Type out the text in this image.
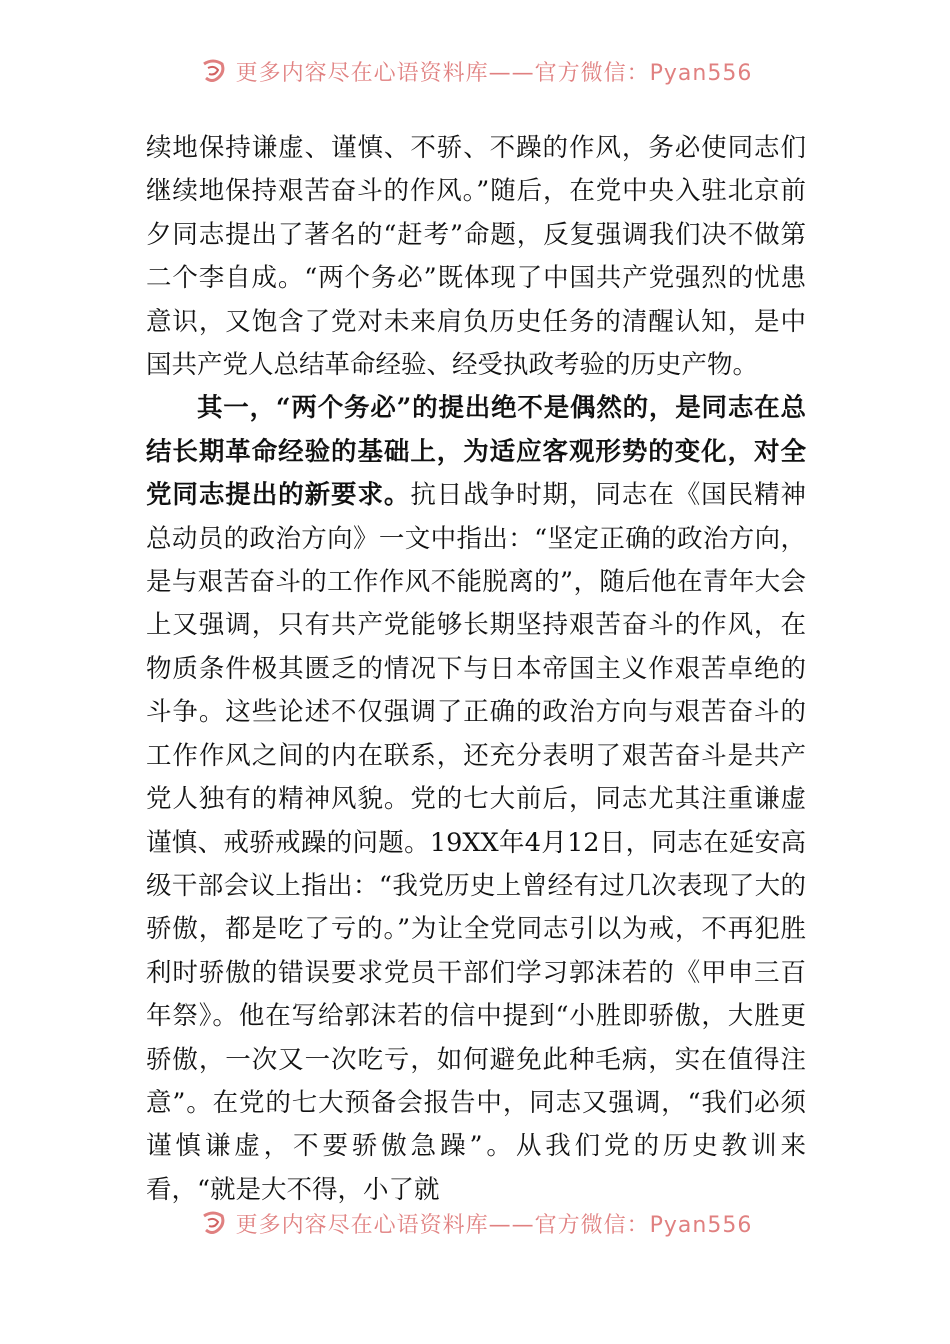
更多内容尽在心语资料库——官方微信：Pyan556

续地保持谦虚、谨慎、不骄、不躁的作风，务必使同志们继续地保持艰苦奋斗的作风。”随后，在党中央入驻北京前夕同志提出了著名的“赶考”命题，反复强调我们决不做第二个李自成。“两个务必”既体现了中国共产党强烈的忧患意识，又饱含了党对未来肩负历史任务的清醒认知，是中国共产党人总结革命经验、经受执政考验的历史产物。

其一，“两个务必”的提出绝不是偶然的，是同志在总结长期革命经验的基础上，为适应客观形势的变化，对全党同志提出的新要求。抗日战争时期，同志在《国民精神总动员的政治方向》一文中指出：“坚定正确的政治方向，是与艰苦奋斗的工作作风不能脱离的”，随后他在青年大会上又强调，只有共产党能够长期坚持艰苦奋斗的作风，在物质条件极其匮乏的情况下与日本帝国主义作艰苦卓绝的斗争。这些论述不仅强调了正确的政治方向与艰苦奋斗的工作作风之间的内在联系，还充分表明了艰苦奋斗是共产党人独有的精神风貌。党的七大前后，同志尤其注重谦虚谨慎、戒骄戒躁的问题。19XX年4月12日，同志在延安高级干部会议上指出：“我党历史上曾经有过几次表现了大的骄傲，都是吃了亏的。”为让全党同志引以为戒，不再犯胜利时骄傲的错误要求党员干部们学习郭沫若的《甲申三百年祭》。他在写给郭沫若的信中提到“小胜即骄傲，大胜更骄傲，一次又一次吃亏，如何避免此种毛病，实在值得注意”。在党的七大预备会报告中，同志又强调，“我们必须谨慎谦虚，不要骄傲急躁”。从我们党的历史教训来看，“就是大不得，小了就

更多内容尽在心语资料库——官方微信：Pyan556
